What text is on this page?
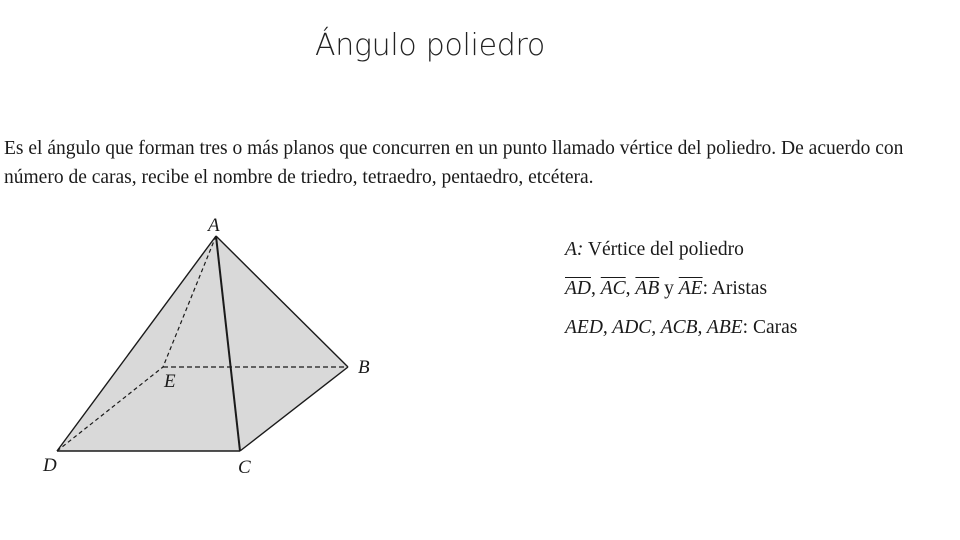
Ángulo poliedro
Es el ángulo que forman tres o más planos que concurren en un punto llamado vértice del poliedro. De acuerdo con
número de caras, recibe el nombre de triedro, tetraedro, pentaedro, etcétera.
A
B
C
D
E
A: Vértice del poliedro
$\overline{AD}$, $\overline{AC}$, $\overline{AB}$ y $\overline{AE}$: Aristas
AED, ADC, ACB, ABE: Caras
